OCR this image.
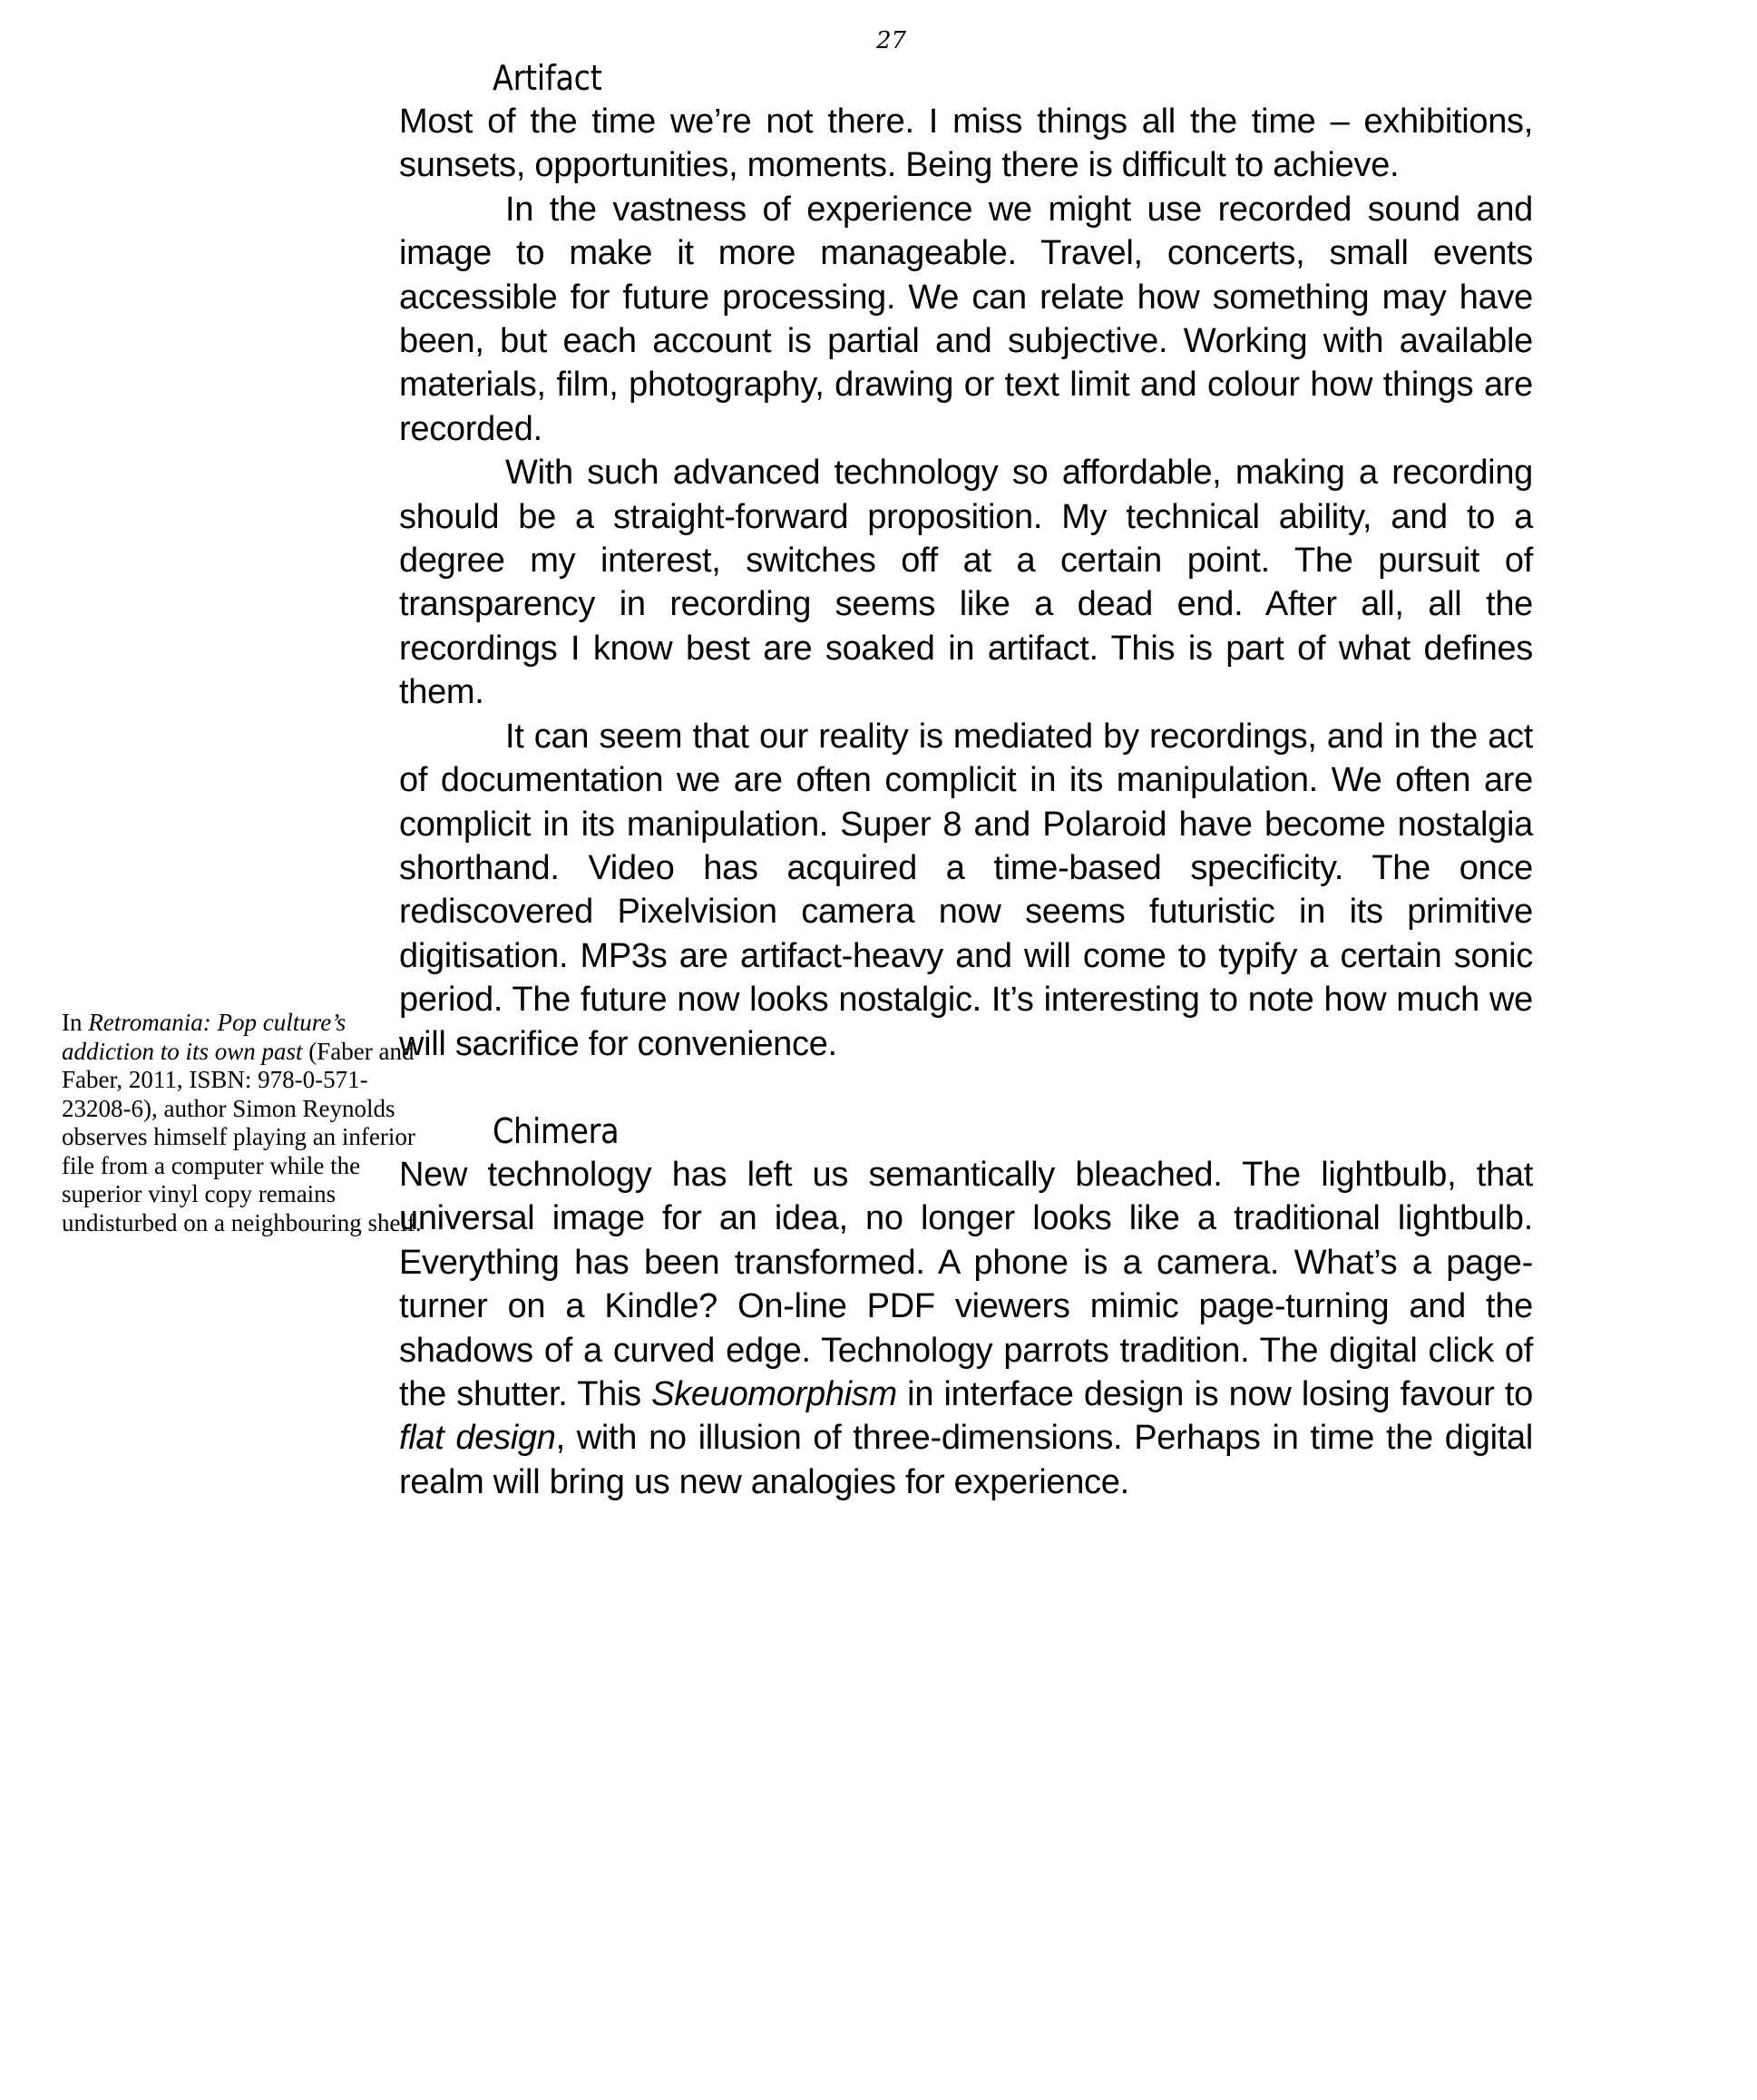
27
Artifact

Most of the time we’re not there. I miss things all the time – exhibitions, sunsets, opportunities, moments. Being there is difficult to achieve.

In the vastness of experience we might use recorded sound and image to make it more manageable. Travel, concerts, small events accessible for future processing. We can relate how something may have been, but each account is partial and subjective. Working with available materials, film, photography, drawing or text limit and colour how things are recorded.

With such advanced technology so affordable, making a recording should be a straight-forward proposition. My technical ability, and to a degree my interest, switches off at a certain point. The pursuit of transparency in recording seems like a dead end. After all, all the recordings I know best are soaked in artifact. This is part of what defines them.

It can seem that our reality is mediated by recordings, and in the act of documentation we are often complicit in its manipulation. We often are complicit in its manipulation. Super 8 and Polaroid have become nostalgia shorthand. Video has acquired a time-based specificity. The once rediscovered Pixelvision camera now seems futuristic in its primitive digitisation. MP3s are artifact-heavy and will come to typify a certain sonic period. The future now looks nostalgic. It’s interesting to note how much we will sacrifice for convenience.

Chimera

New technology has left us semantically bleached. The lightbulb, that universal image for an idea, no longer looks like a traditional lightbulb. Everything has been transformed. A phone is a camera. What’s a page-turner on a Kindle? On-line PDF viewers mimic page-turning and the shadows of a curved edge. Technology parrots tradition. The digital click of the shutter. This Skeuomorphism in interface design is now losing favour to flat design, with no illusion of three-dimensions. Perhaps in time the digital realm will bring us new analogies for experience.

In Retromania: Pop culture’s addiction to its own past (Faber and Faber, 2011, ISBN: 978-0-571-23208-6), author Simon Reynolds observes himself playing an inferior file from a computer while the superior vinyl copy remains undisturbed on a neighbouring shelf.
